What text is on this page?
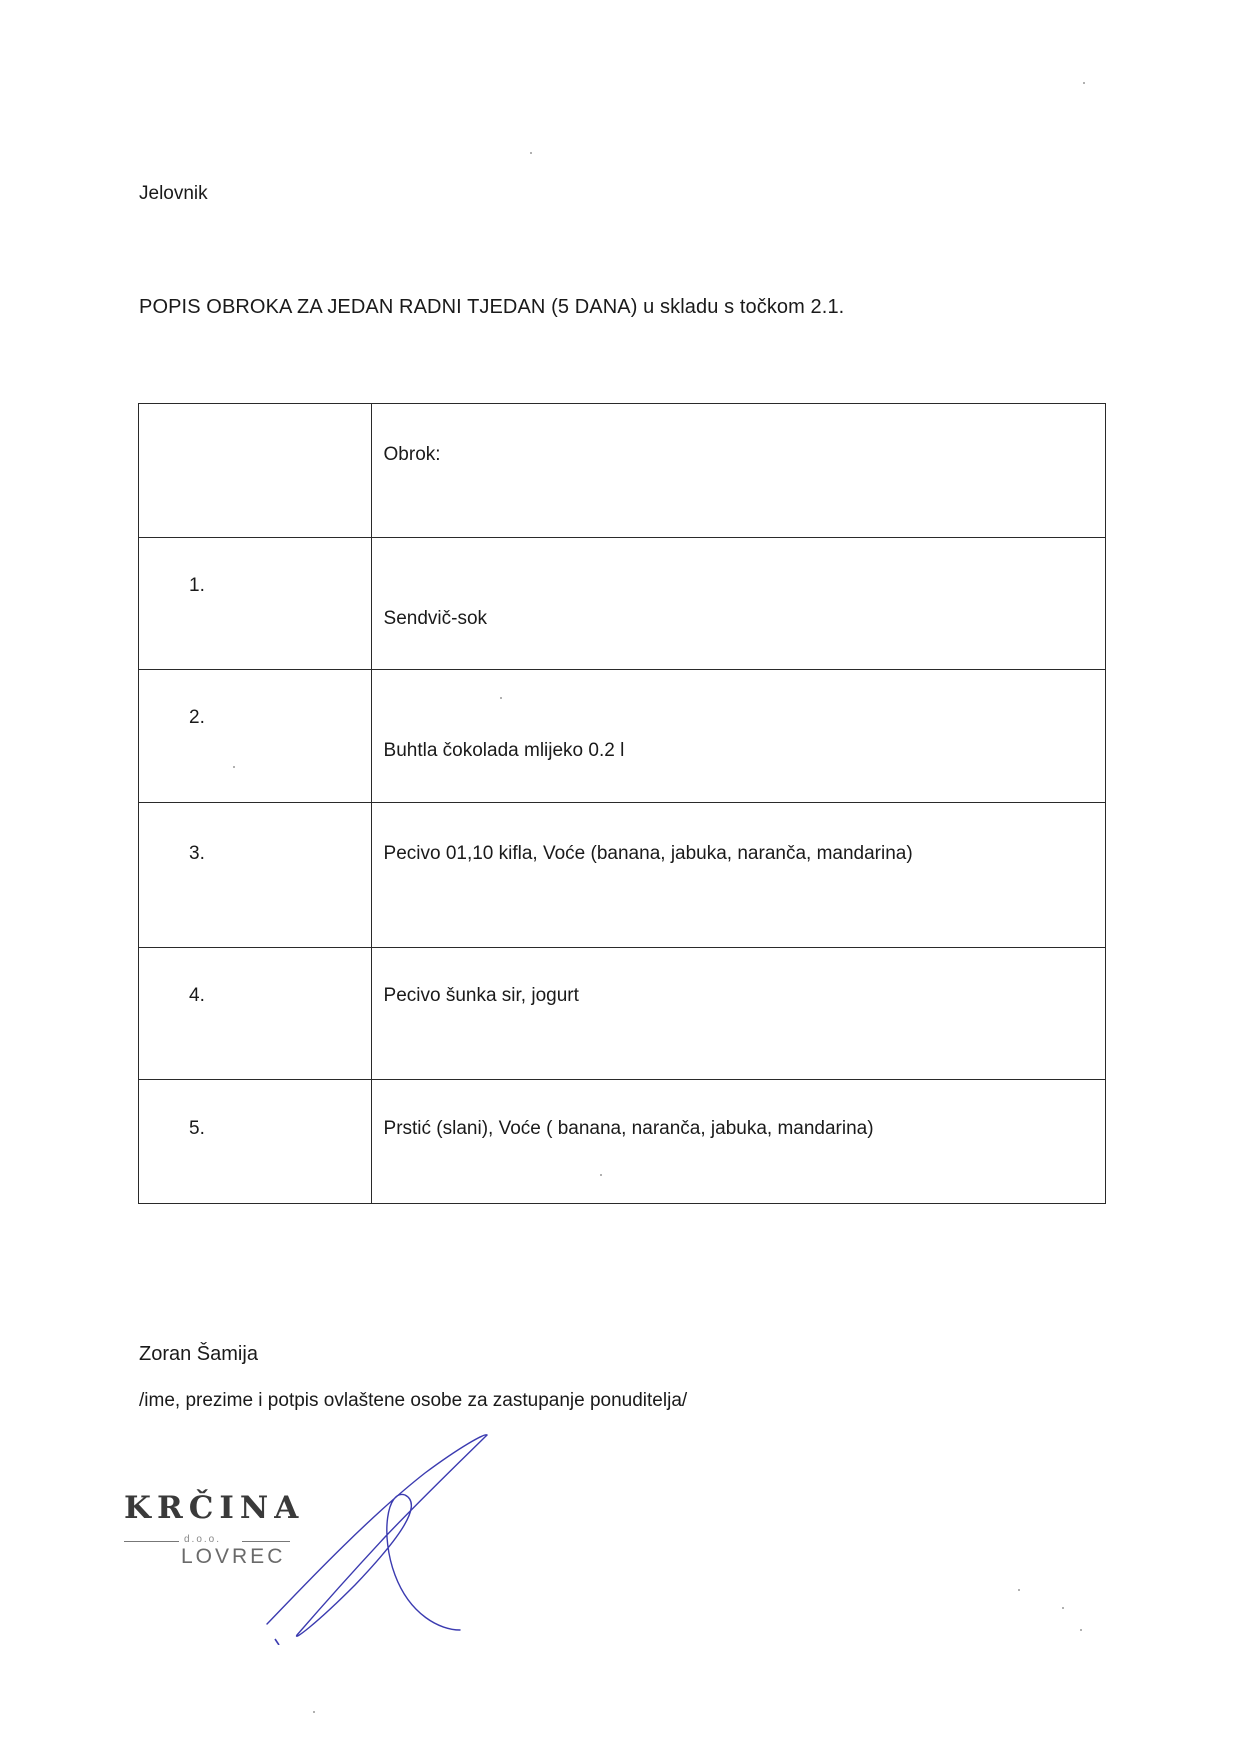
Jelovnik
POPIS OBROKA ZA JEDAN RADNI TJEDAN (5 DANA) u skladu s točkom 2.1.

	Obrok:

1.	Sendvič-sok

2.	Buhtla čokolada mlijeko 0.2 l

3.	Pecivo 01,10 kifla, Voće (banana, jabuka, naranča, mandarina)

4.	Pecivo šunka sir, jogurt

5.	Prstić (slani), Voće ( banana, naranča, jabuka, mandarina)
Zoran Šamija
/ime, prezime i potpis ovlaštene osobe za zastupanje ponuditelja/
KRČINA
d.o.o.
LOVREC
